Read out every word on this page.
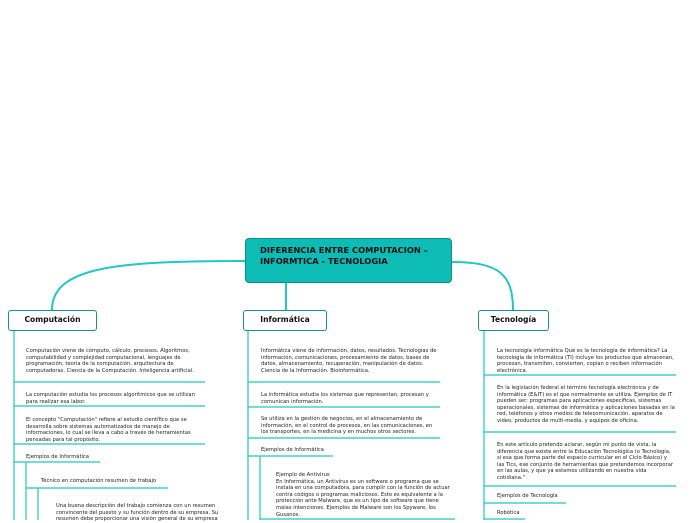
DIFERENCIA ENTRE COMPUTACION – INFORMTICA - TECNOLOGIA
Computación	Informática	Tecnología
Computación viene de cómputo, cálculo, procesos. Algoritmos, computabilidad y complejidad computacional, lenguajes de programación, teoría de la computación, arquitectura de computadoras. Ciencia de la Computación. Inteligencia artificial.
La computación estudia los procesos algorítmicos que se utilizan para realizar esa labor.
El concepto "Computación" refiere al estudio científico que se desarrolla sobre sistemas automatizados de manejo de informaciones, lo cual se lleva a cabo a través de herramientas pensadas para tal propósito.
Ejemplos de Informática
Técnico en computación resumen de trabajo
Una buena descripción del trabajo comienza con un resumen convincente del puesto y su función dentro de su empresa. Su resumen debe proporcionar una visión general de su empresa
Informática viene de información, datos, resultados. Tecnologías de información, comunicaciones, procesamiento de datos, bases de datos, almacenamiento, recuperación, manipulación de datos. Ciencia de la Información. Bioinformática.
La informática estudia los sistemas que representan, procesan y comunican información.
Se utiliza en la gestión de negocios, en el almacenamiento de información, en el control de procesos, en las comunicaciones, en los transportes, en la medicina y en muchos otros sectores.
Ejemplos de Informática
Ejemplo de Antivirus
En Informática, un Antivirus es un software o programa que se instala en una computadora, para cumplir con la función de actuar contra códigos o programas maliciosos. Esto es equivalente a la protección ante Malware, que es un tipo de software que tiene malas intenciones. Ejemplos de Malware son los Spyware, los Gusanos.
La tecnología informática Qué es la tecnología de informática? La tecnología de informática (TI) incluye los productos que almacenan, procesan, transmiten, convierten, copian o reciben información electrónica.
En la legislación federal el término tecnología electrónica y de informática (E&IT) es el que normalmente se utiliza. Ejemplos de IT pueden ser: programas para aplicaciones específicas, sistemas operacionales, sistemas de informática y aplicaciones basadas en la red, teléfonos y otros medios de telecomunicación, aparatos de video, productos de multi-media, y equipos de oficina.
En este artículo pretendo aclarar, según mi punto de vista, la diferencia que existe entre la Educación Tecnológica (o Tecnología, si esa que forma parte del espacio curricular en el Ciclo Básico) y las Tics, ese conjunto de herramientas que pretendemos incorporar en las aulas, y que ya estamos utilizando en nuestra vida cotidiana."
Ejemplos de Tecnología
Robótica
